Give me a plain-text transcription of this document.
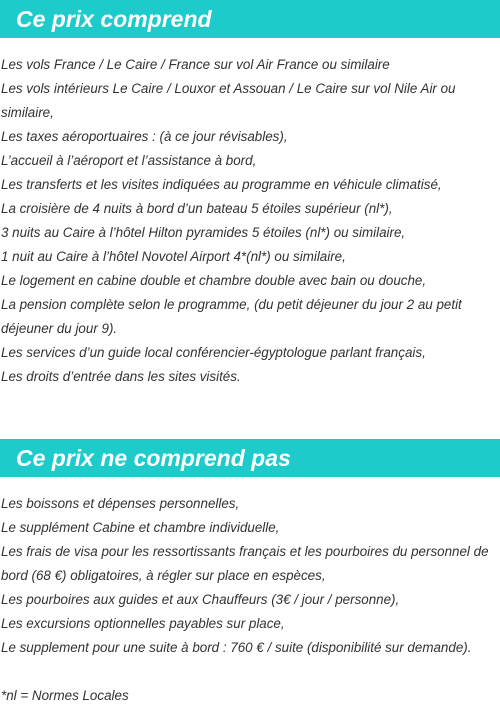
Ce prix comprend
Les vols France / Le Caire / France sur vol Air France ou similaire
Les vols intérieurs Le Caire / Louxor et Assouan / Le Caire sur vol Nile Air ou similaire,
Les taxes aéroportuaires : (à ce jour révisables),
L’accueil à l’aéroport et l’assistance à bord,
Les transferts et les visites indiquées au programme en véhicule climatisé,
La croisière de 4 nuits à bord d’un bateau 5 étoiles supérieur (nl*),
3 nuits au Caire à l’hôtel Hilton pyramides 5 étoiles (nl*) ou similaire,
1 nuit au Caire à l’hôtel Novotel Airport 4*(nl*) ou similaire,
Le logement en cabine double et chambre double avec bain ou douche,
La pension complète selon le programme, (du petit déjeuner du jour 2 au petit déjeuner du jour 9).
Les services d’un guide local conférencier-égyptologue parlant français,
Les droits d’entrée dans les sites visités.
Ce prix ne comprend pas
Les boissons et dépenses personnelles,
Le supplément Cabine et chambre individuelle,
Les frais de visa pour les ressortissants français et les pourboires du personnel de bord (68 €) obligatoires, à régler sur place en espèces,
Les pourboires aux guides et aux Chauffeurs (3€ / jour / personne),
Les excursions optionnelles payables sur place,
Le supplement pour une suite à bord : 760 € / suite (disponibilité sur demande).
*nl = Normes Locales
